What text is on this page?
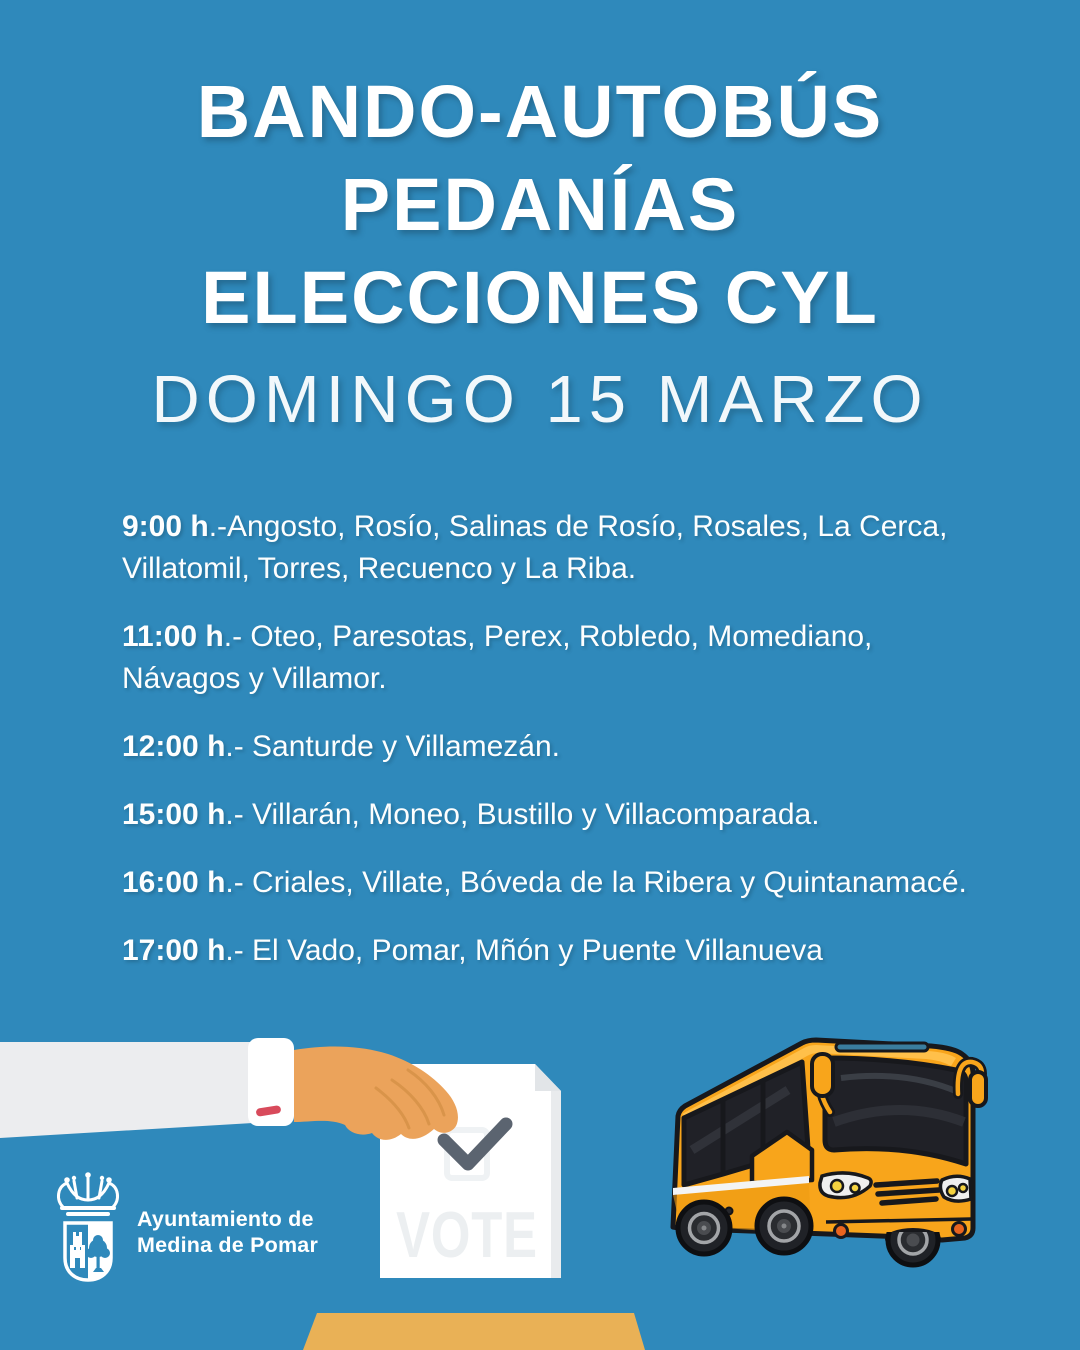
BANDO-AUTOBÚS
PEDANÍAS
ELECCIONES CYL
DOMINGO 15 MARZO
9:00 h.-Angosto, Rosío, Salinas de Rosío, Rosales, La Cerca, Villatomil, Torres, Recuenco y La Riba.
11:00 h.- Oteo, Paresotas, Perex, Robledo, Momediano, Návagos y Villamor.
12:00 h.- Santurde y Villamezán.
15:00 h.- Villarán, Moneo, Bustillo y Villacomparada.
16:00 h.- Criales, Villate, Bóveda de la Ribera y Quintanamacé.
17:00 h.- El Vado, Pomar, Mñón y Puente Villanueva
VOTE
Ayuntamiento de
Medina de Pomar
